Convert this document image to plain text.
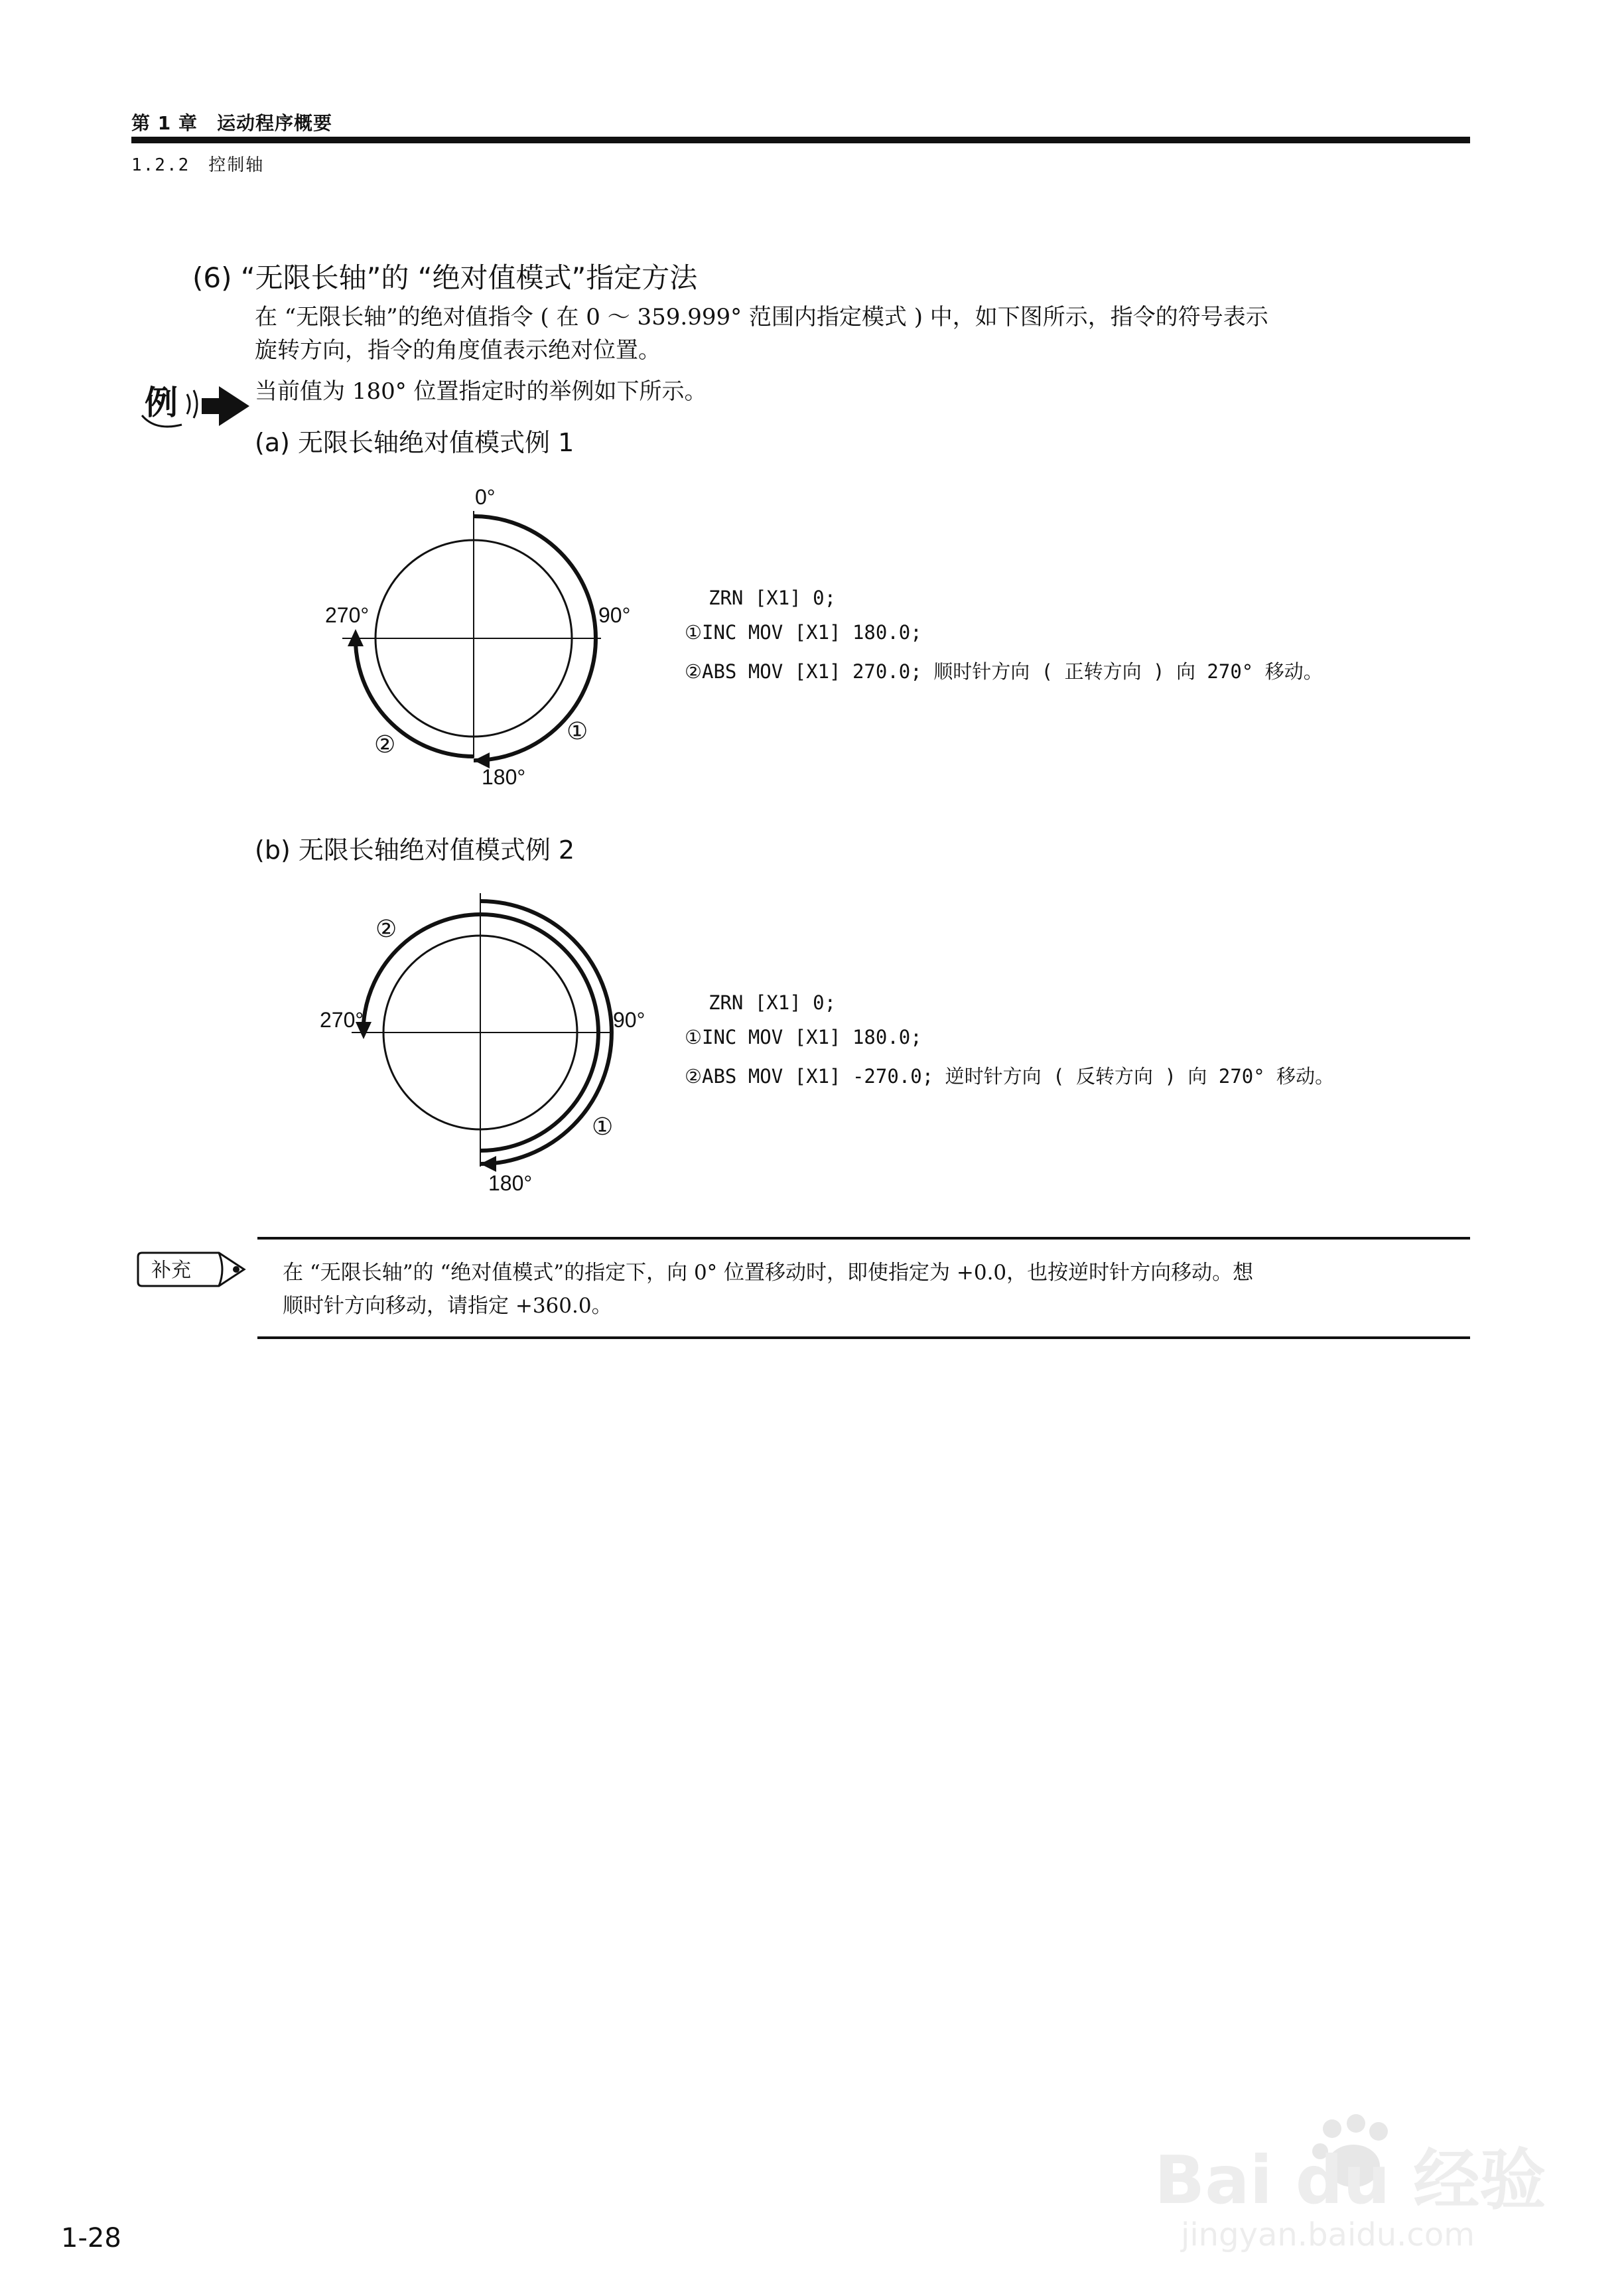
第 1 章　运动程序概要
1.2.2　控制轴
(6) “无限长轴”的 “绝对值模式”指定方法
在 “无限长轴”的绝对值指令 ( 在 0 ～ 359.999° 范围内指定模式 ) 中，如下图所示，指令的符号表示
旋转方向，指令的角度值表示绝对位置。
例	当前值为 180° 位置指定时的举例如下所示。
(a) 无限长轴绝对值模式例 1
0°
90°
270°
180°
①
②
ZRN [X1] 0;
①INC MOV [X1] 180.0;
②ABS MOV [X1] 270.0; 顺时针方向 ( 正转方向 ) 向 270° 移动。
(b) 无限长轴绝对值模式例 2
90°
270°
180°
①
②
ZRN [X1] 0;
①INC MOV [X1] 180.0;
②ABS MOV [X1] -270.0; 逆时针方向 ( 反转方向 ) 向 270° 移动。
补充	在 “无限长轴”的 “绝对值模式”的指定下，向 0° 位置移动时，即使指定为 +0.0，也按逆时针方向移动。想
顺时针方向移动，请指定 +360.0。
1-28
Bai du 经验
jingyan.baidu.com
